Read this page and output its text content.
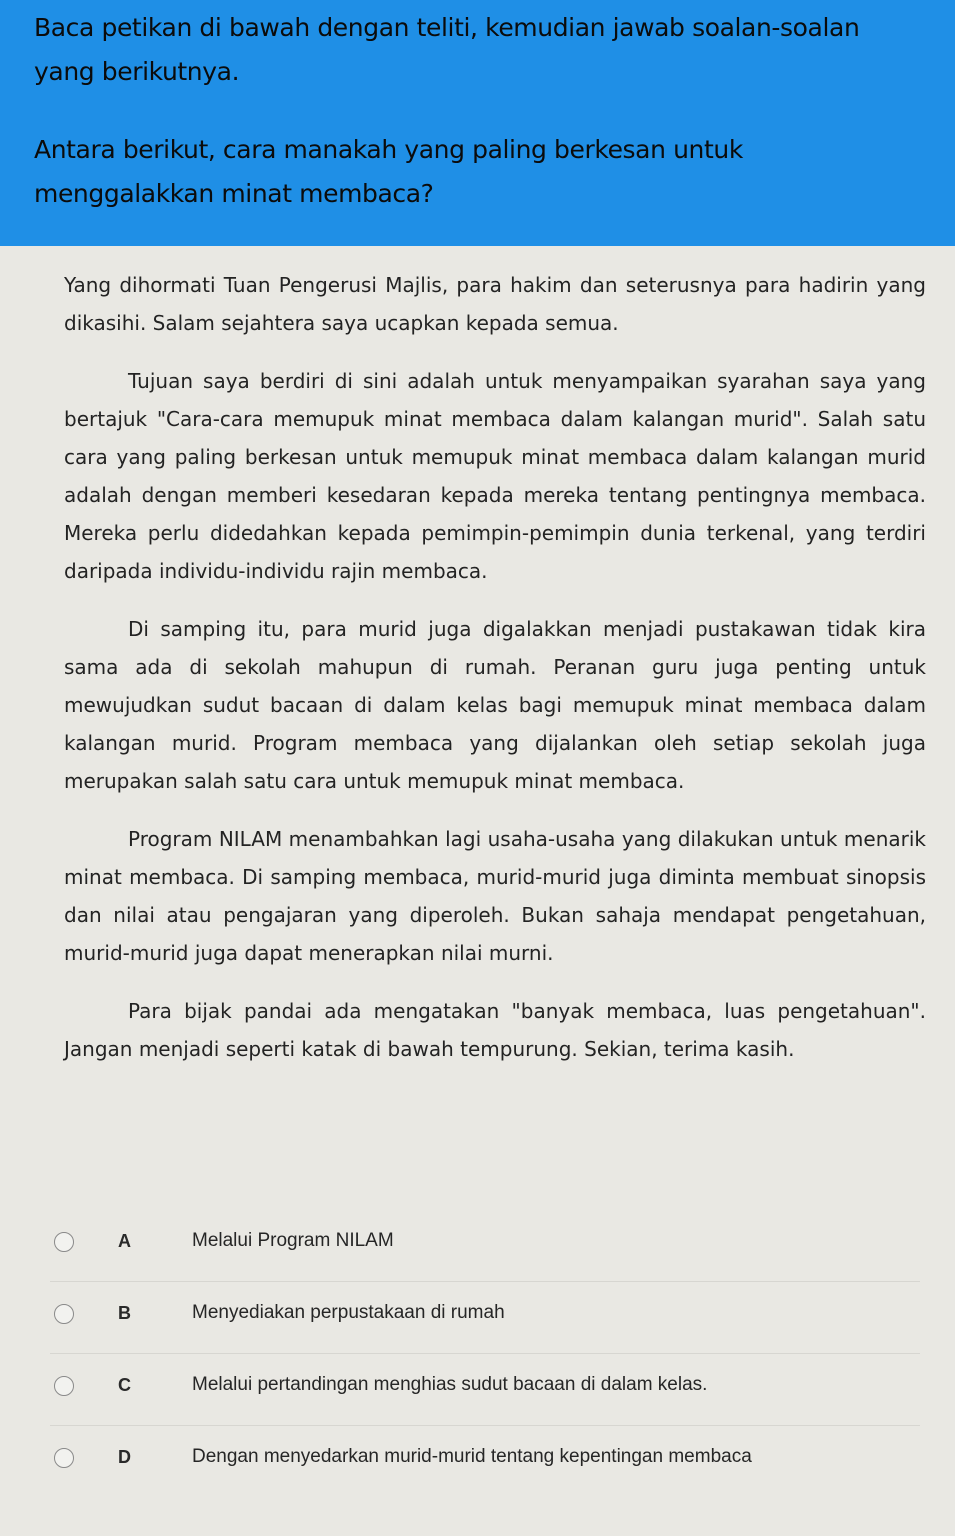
Baca petikan di bawah dengan teliti, kemudian jawab soalan-soalan yang berikutnya.

Antara berikut, cara manakah yang paling berkesan untuk menggalakkan minat membaca?

Yang dihormati Tuan Pengerusi Majlis, para hakim dan seterusnya para hadirin yang dikasihi. Salam sejahtera saya ucapkan kepada semua.

Tujuan saya berdiri di sini adalah untuk menyampaikan syarahan saya yang bertajuk "Cara-cara memupuk minat membaca dalam kalangan murid". Salah satu cara yang paling berkesan untuk memupuk minat membaca dalam kalangan murid adalah dengan memberi kesedaran kepada mereka tentang pentingnya membaca. Mereka perlu didedahkan kepada pemimpin-pemimpin dunia terkenal, yang terdiri daripada individu-individu rajin membaca.

Di samping itu, para murid juga digalakkan menjadi pustakawan tidak kira sama ada di sekolah mahupun di rumah. Peranan guru juga penting untuk mewujudkan sudut bacaan di dalam kelas bagi memupuk minat membaca dalam kalangan murid. Program membaca yang dijalankan oleh setiap sekolah juga merupakan salah satu cara untuk memupuk minat membaca.

Program NILAM menambahkan lagi usaha-usaha yang dilakukan untuk menarik minat membaca. Di samping membaca, murid-murid juga diminta membuat sinopsis dan nilai atau pengajaran yang diperoleh. Bukan sahaja mendapat pengetahuan, murid-murid juga dapat menerapkan nilai murni.

Para bijak pandai ada mengatakan "banyak membaca, luas pengetahuan". Jangan menjadi seperti katak di bawah tempurung. Sekian, terima kasih.

A	Melalui Program NILAM
B	Menyediakan perpustakaan di rumah
C	Melalui pertandingan menghias sudut bacaan di dalam kelas.
D	Dengan menyedarkan murid-murid tentang kepentingan membaca
